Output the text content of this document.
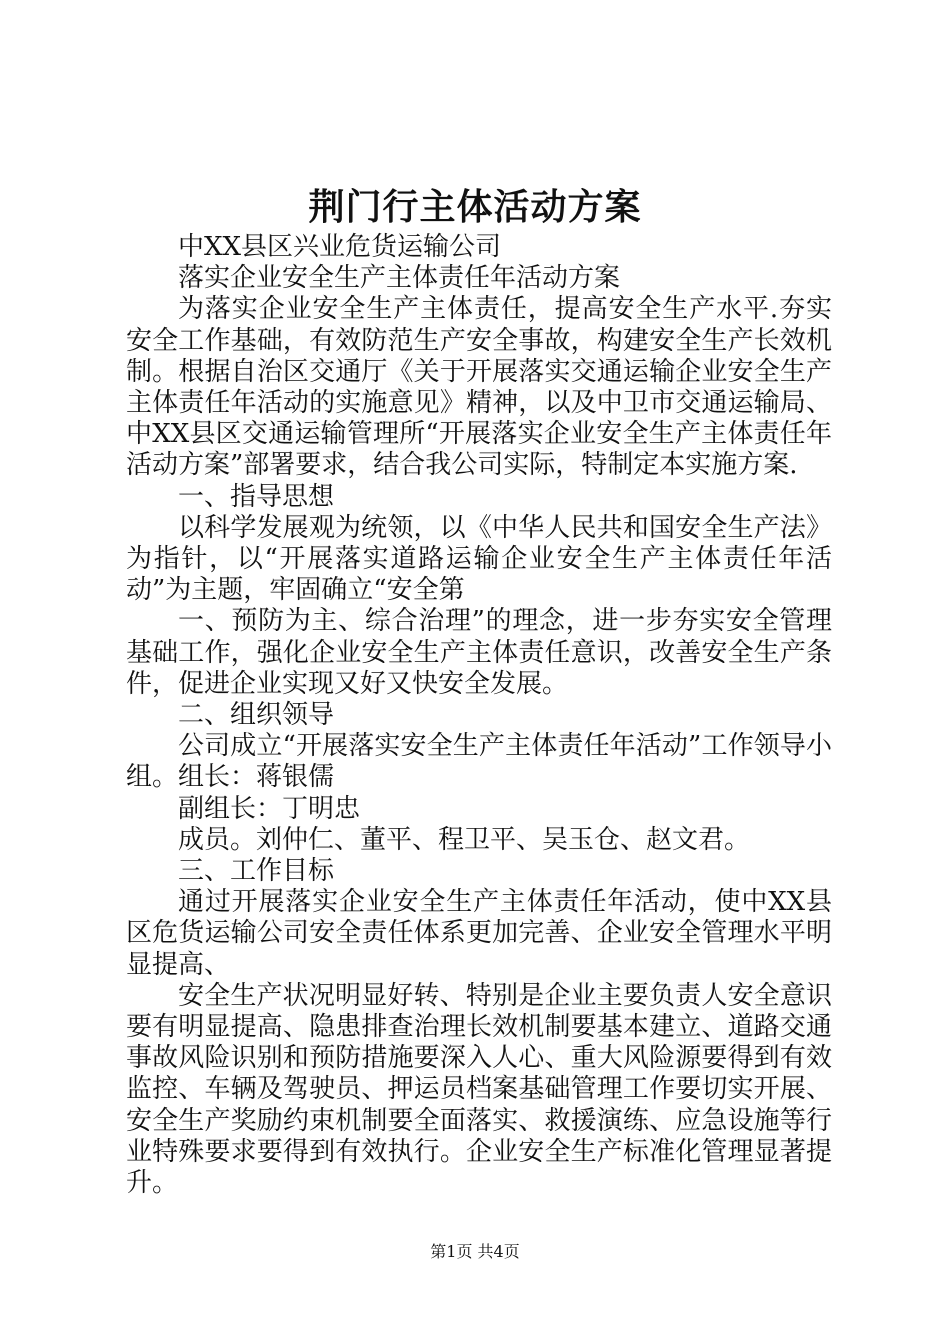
荆门行主体活动方案

中XX县区兴业危货运输公司

落实企业安全生产主体责任年活动方案

为落实企业安全生产主体责任，提高安全生产水平.夯实安全工作基础，有效防范生产安全事故，构建安全生产长效机制。根据自治区交通厅《关于开展落实交通运输企业安全生产主体责任年活动的实施意见》精神，以及中卫市交通运输局、中XX县区交通运输管理所“开展落实企业安全生产主体责任年活动方案”部署要求，结合我公司实际，特制定本实施方案.

一、指导思想

以科学发展观为统领，以《中华人民共和国安全生产法》为指针，以“开展落实道路运输企业安全生产主体责任年活动”为主题，牢固确立“安全第

一、预防为主、综合治理”的理念，进一步夯实安全管理基础工作，强化企业安全生产主体责任意识，改善安全生产条件，促进企业实现又好又快安全发展。

二、组织领导

公司成立“开展落实安全生产主体责任年活动”工作领导小组。组长：蒋银儒

副组长：丁明忠

成员。刘仲仁、董平、程卫平、吴玉仓、赵文君。

三、工作目标

通过开展落实企业安全生产主体责任年活动，使中XX县区危货运输公司安全责任体系更加完善、企业安全管理水平明显提高、

安全生产状况明显好转、特别是企业主要负责人安全意识要有明显提高、隐患排查治理长效机制要基本建立、道路交通事故风险识别和预防措施要深入人心、重大风险源要得到有效监控、车辆及驾驶员、押运员档案基础管理工作要切实开展、安全生产奖励约束机制要全面落实、救援演练、应急设施等行业特殊要求要得到有效执行。企业安全生产标准化管理显著提升。

第1页 共4页
